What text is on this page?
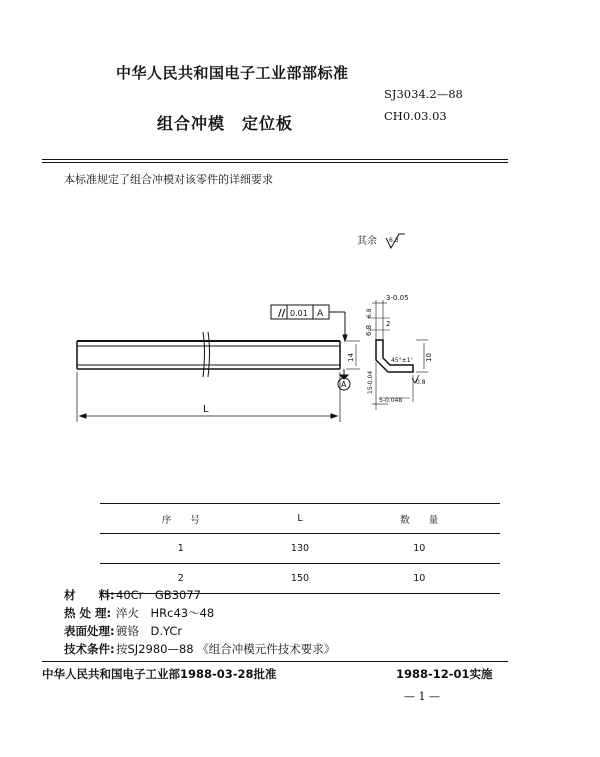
中华人民共和国电子工业部部标准
SJ3034.2—88
CH0.03.03
组合冲模　定位板
本标准规定了组合冲模对该零件的详细要求
// 0.01 A
A
L
6.3
3-0.05
2
6.8
14	10
45°±1'
15-0.04
5-0.048
0.8
6.8
其余
序　　号	L	数　　量
1	130	10
2	150	10
材　　料:40Cr　GB3077
热 处 理: 淬火　HRc43～48
表面处理:镀铬　D.YCr
技术条件:按SJ2980—88 《组合冲模元件技术要求》
中华人民共和国电子工业部1988-03-28批准	1988-12-01实施
— 1 —
